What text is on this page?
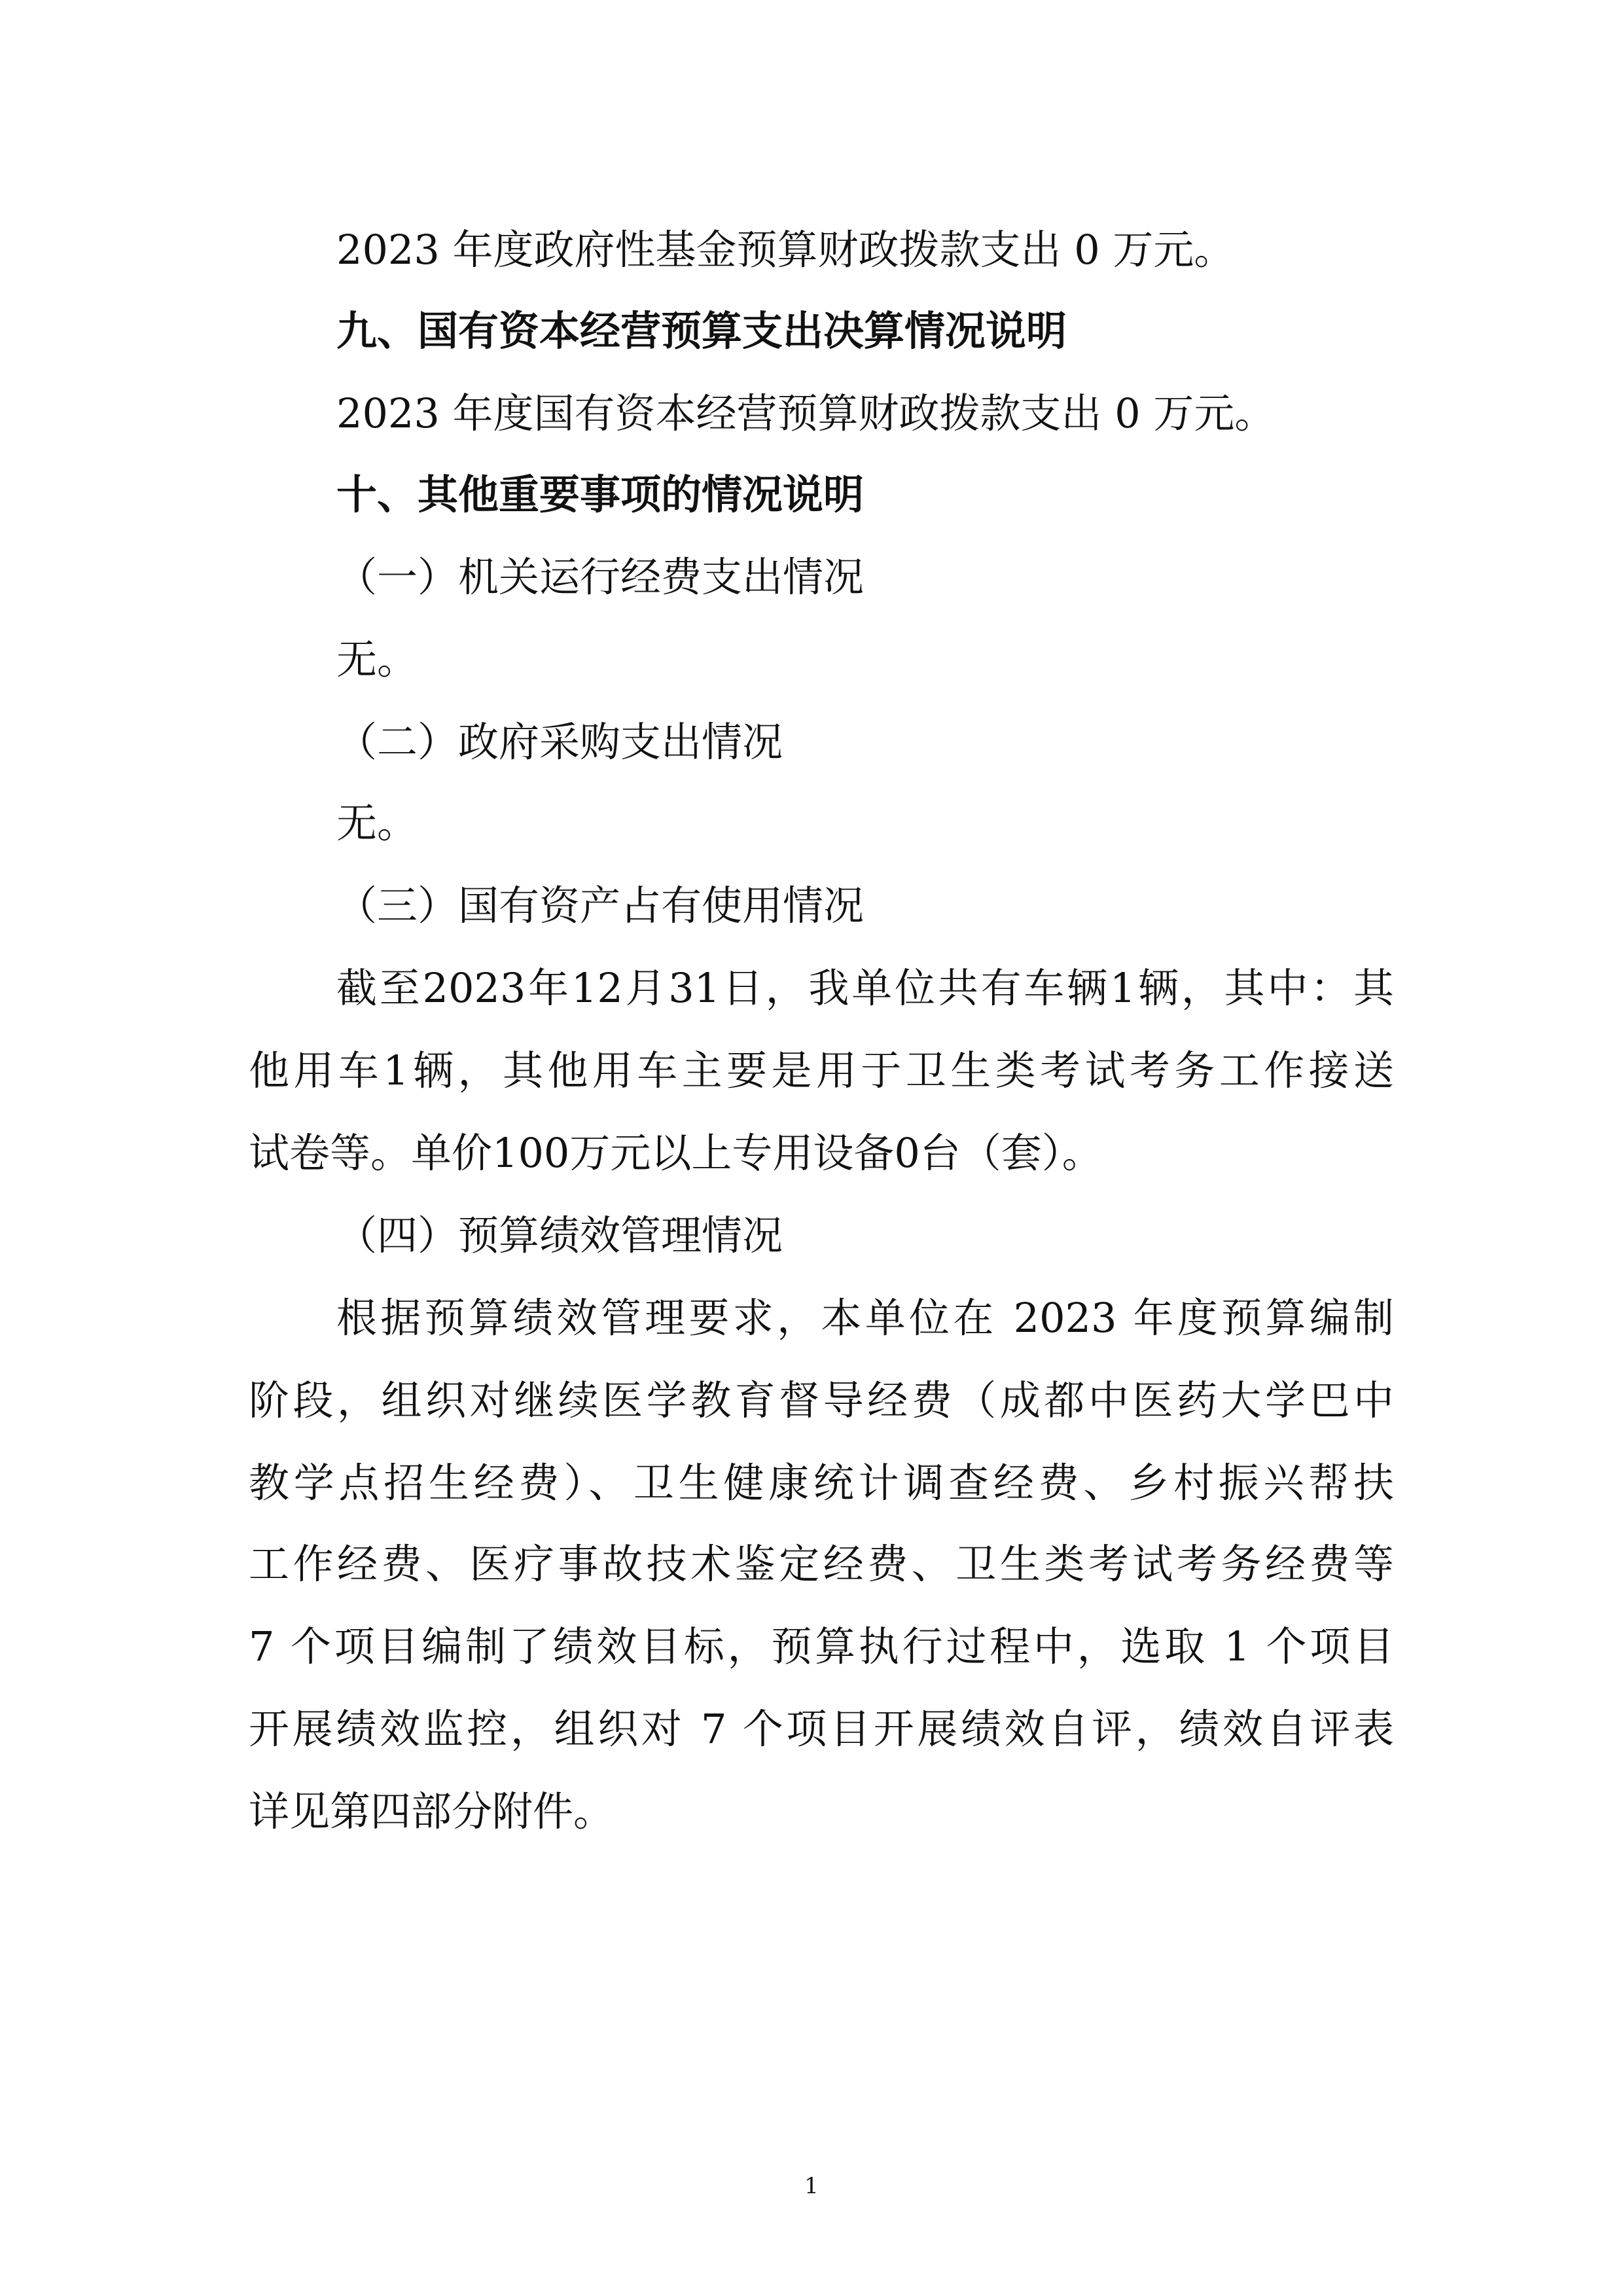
2023 年度政府性基金预算财政拨款支出 0 万元。
九、国有资本经营预算支出决算情况说明
2023 年度国有资本经营预算财政拨款支出 0 万元。
十、其他重要事项的情况说明
（一）机关运行经费支出情况
无。
（二）政府采购支出情况
无。
（三）国有资产占有使用情况
截至2023年12月31日，我单位共有车辆1辆，其中：其
他用车1辆，其他用车主要是用于卫生类考试考务工作接送
试卷等。单价100万元以上专用设备0台（套）。
（四）预算绩效管理情况
根据预算绩效管理要求，本单位在 2023 年度预算编制
阶段，组织对继续医学教育督导经费（成都中医药大学巴中
教学点招生经费）、卫生健康统计调查经费、乡村振兴帮扶
工作经费、医疗事故技术鉴定经费、卫生类考试考务经费等
7 个项目编制了绩效目标，预算执行过程中，选取 1 个项目
开展绩效监控，组织对 7 个项目开展绩效自评，绩效自评表
详见第四部分附件。
1
